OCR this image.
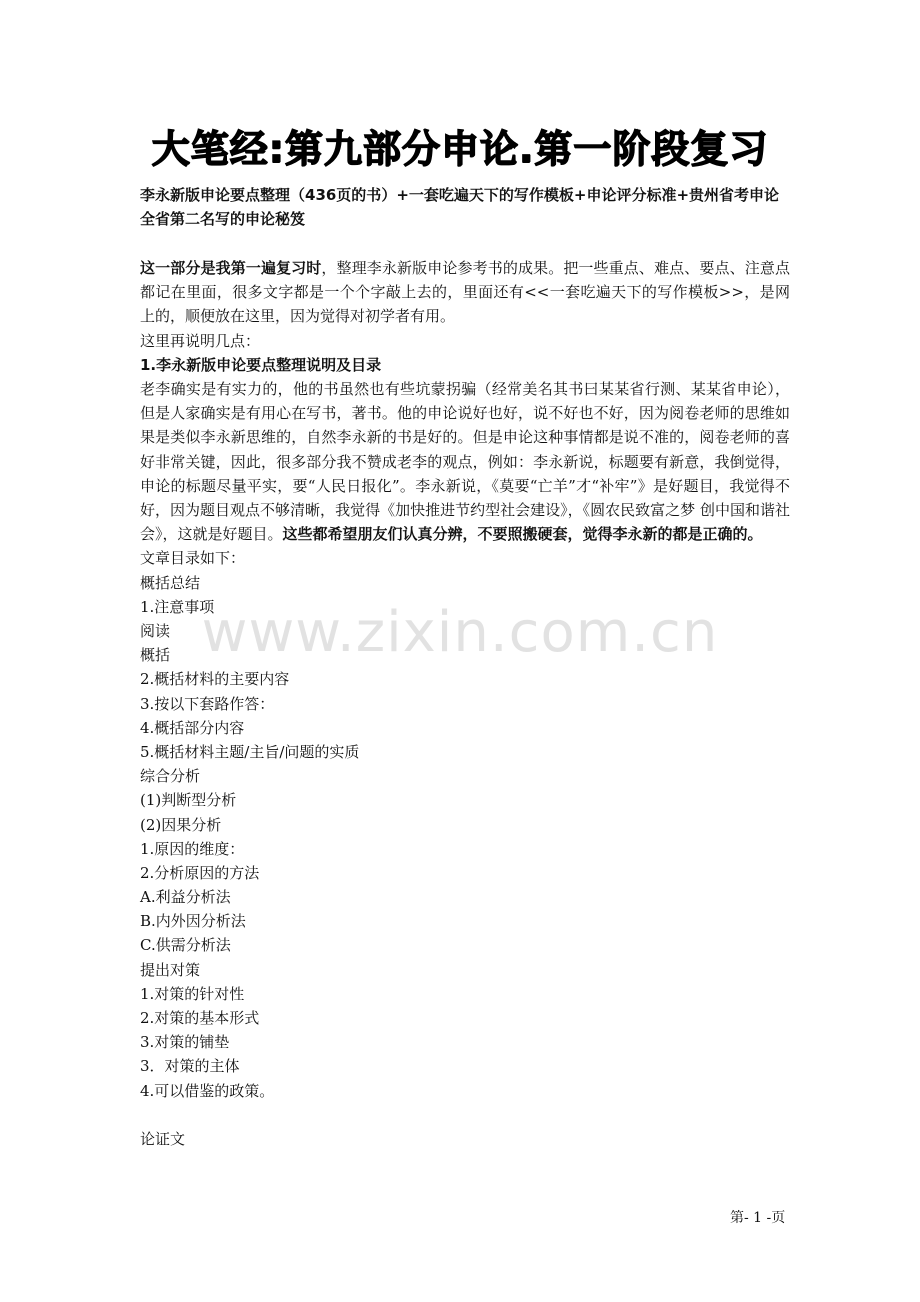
大笔经:第九部分申论.第一阶段复习
李永新版申论要点整理（436页的书）+一套吃遍天下的写作模板+申论评分标准+贵州省考申论全省第二名写的申论秘笈

这一部分是我第一遍复习时，整理李永新版申论参考书的成果。把一些重点、难点、要点、注意点都记在里面，很多文字都是一个个字敲上去的，里面还有<<一套吃遍天下的写作模板>>，是网上的，顺便放在这里，因为觉得对初学者有用。

这里再说明几点：

1.李永新版申论要点整理说明及目录

老李确实是有实力的，他的书虽然也有些坑蒙拐骗（经常美名其书曰某某省行测、某某省申论），但是人家确实是有用心在写书，著书。他的申论说好也好，说不好也不好，因为阅卷老师的思维如果是类似李永新思维的，自然李永新的书是好的。但是申论这种事情都是说不准的，阅卷老师的喜好非常关键，因此，很多部分我不赞成老李的观点，例如：李永新说，标题要有新意，我倒觉得，申论的标题尽量平实，要“人民日报化”。李永新说，《莫要“亡羊”才“补牢”》是好题目，我觉得不好，因为题目观点不够清晰，我觉得《加快推进节约型社会建设》，《圆农民致富之梦 创中国和谐社会》，这就是好题目。这些都希望朋友们认真分辨，不要照搬硬套，觉得李永新的都是正确的。

文章目录如下：

概括总结
1.注意事项
阅读
概括
2.概括材料的主要内容
3.按以下套路作答：
4.概括部分内容
5.概括材料主题/主旨/问题的实质
综合分析
(1)判断型分析
(2)因果分析
1.原因的维度：
2.分析原因的方法
A.利益分析法
B.内外因分析法
C.供需分析法
提出对策
1.对策的针对性
2.对策的基本形式
3.对策的铺垫
3．对策的主体
4.可以借鉴的政策。

论证文

www.zixin.com.cn
第- 1 -页
